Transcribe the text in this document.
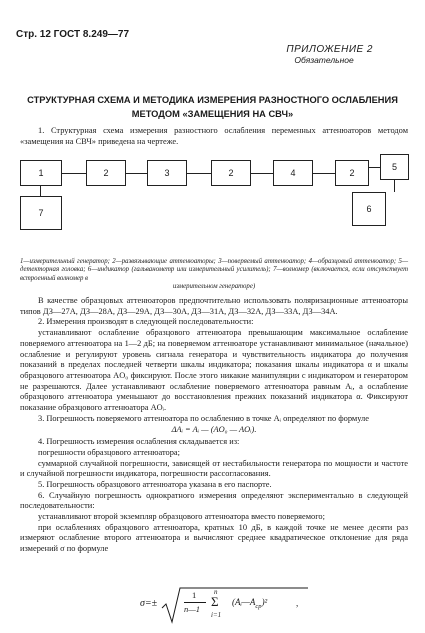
Стр. 12 ГОСТ 8.249—77
ПРИЛОЖЕНИЕ 2
Обязательное
СТРУКТУРНАЯ СХЕМА И МЕТОДИКА ИЗМЕРЕНИЯ РАЗНОСТНОГО ОСЛАБЛЕНИЯ
МЕТОДОМ «ЗАМЕЩЕНИЯ НА СВЧ»
1. Структурная схема измерения разностного ослабления переменных аттенюаторов методом «замещения на СВЧ» приведена на чертеже.
1	2	3	2	4	2
5
7	6
1—измерительный генератор; 2—развязывающие аттенюаторы; 3—поверяемый аттенюатор; 4—образцовый аттенюатор; 5—детекторная головка; 6—индикатор (гальванометр или измерительный усилитель); 7—волномер (включается, если отсутствует встроенный волномер в
измерительном генераторе)

В качестве образцовых аттенюаторов предпочтительно использовать поляризационные аттенюаторы типов ДЗ—27А, ДЗ—28А, ДЗ—29А, ДЗ—30А, ДЗ—31А, ДЗ—32А, ДЗ—33А, ДЗ—34А.

2. Измерения производят в следующей последовательности:

устанавливают ослабление образцового аттенюатора превышающим максимальное ослабление поверяемого аттенюатора на 1—2 дБ; на поверяемом аттенюаторе устанавливают минимальное (начальное) ослабление и регулируют уровень сигнала генератора и чувствительность индикатора до получения показаний в пределах последней четверти шкалы индикатора; показания шкалы индикатора α и шкалы образцового аттенюатора AO₀ фиксируют. После этого никакие манипуляции с индикатором и генератором не разрешаются. Далее устанавливают ослабление поверяемого аттенюатора равным Aᵢ, а ослабление образцового аттенюатора уменьшают до восстановления прежних показаний индикатора α. Фиксируют показание образцового аттенюатора AOᵢ.

3. Погрешность поверяемого аттенюатора по ослаблению в точке Aᵢ определяют по формуле

ΔAᵢ = Aᵢ — (AO₀ — AOᵢ).

4. Погрешность измерения ослабления складывается из:

погрешности образцового аттенюатора;

суммарной случайной погрешности, зависящей от нестабильности генератора по мощности и частоте и случайной погрешности индикатора, погрешности рассогласования.

5. Погрешность образцового аттенюатора указана в его паспорте.

6. Случайную погрешность однократного измерения определяют экспериментально в следующей последовательности:

устанавливают второй экземпляр образцового аттенюатора вместо поверяемого;

при ослаблениях образцового аттенюатора, кратных 10 дБ, в каждой точке не менее десяти раз измеряют ослабление второго аттенюатора и вычисляют среднее квадратическое отклонение для ряда измерений σ по формуле

σ=±
1
n—1
n
Σ
i=1
$(Aᵢ—A_{ср})^2$	,
